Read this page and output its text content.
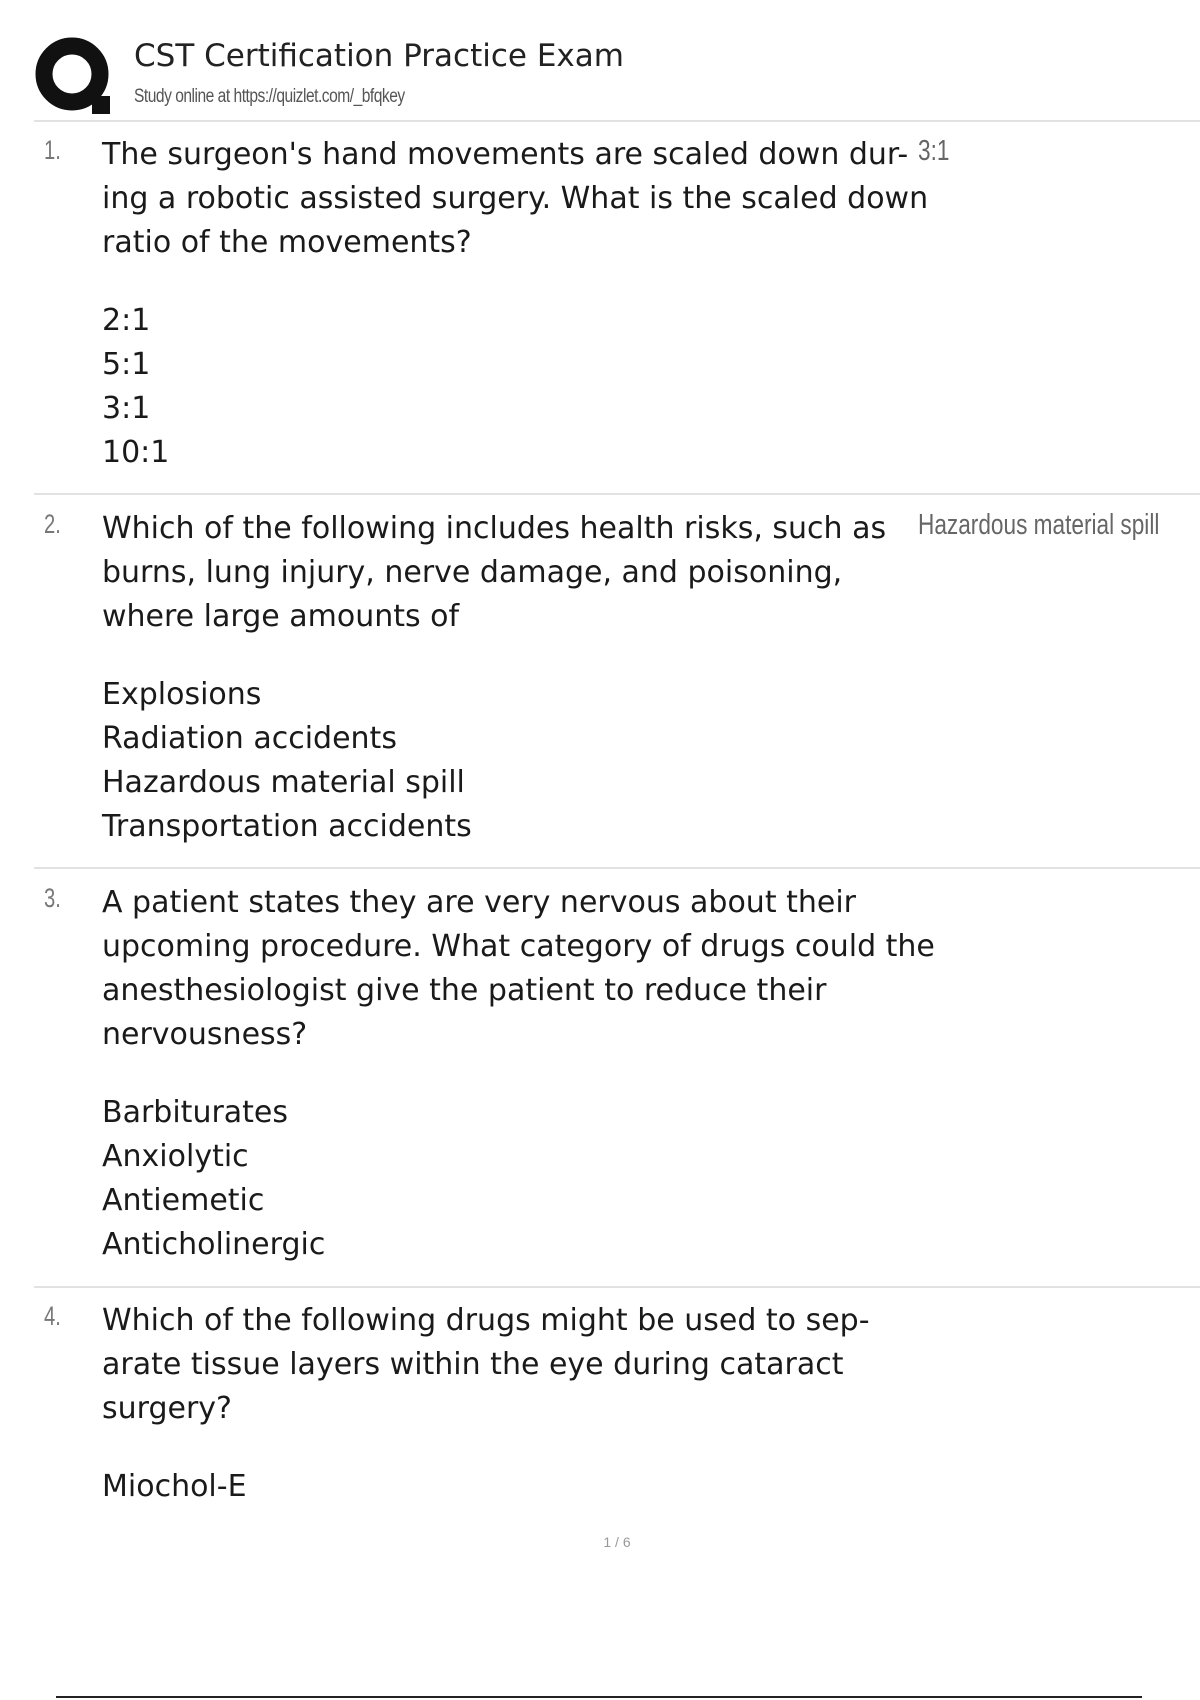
CST Certification Practice Exam
Study online at https://quizlet.com/_bfqkey
1. The surgeon's hand movements are scaled down dur- ing a robotic assisted surgery. What is the scaled down ratio of the movements?
3:1
2:1
5:1
3:1
10:1
2. Which of the following includes health risks, such as burns, lung injury, nerve damage, and poisoning, where large amounts of
Hazardous material spill
Explosions
Radiation accidents
Hazardous material spill
Transportation accidents
3. A patient states they are very nervous about their upcoming procedure. What category of drugs could the anesthesiologist give the patient to reduce their nervousness?
Barbiturates
Anxiolytic
Antiemetic
Anticholinergic
4. Which of the following drugs might be used to sep- arate tissue layers within the eye during cataract surgery?
Miochol-E
1 / 6
